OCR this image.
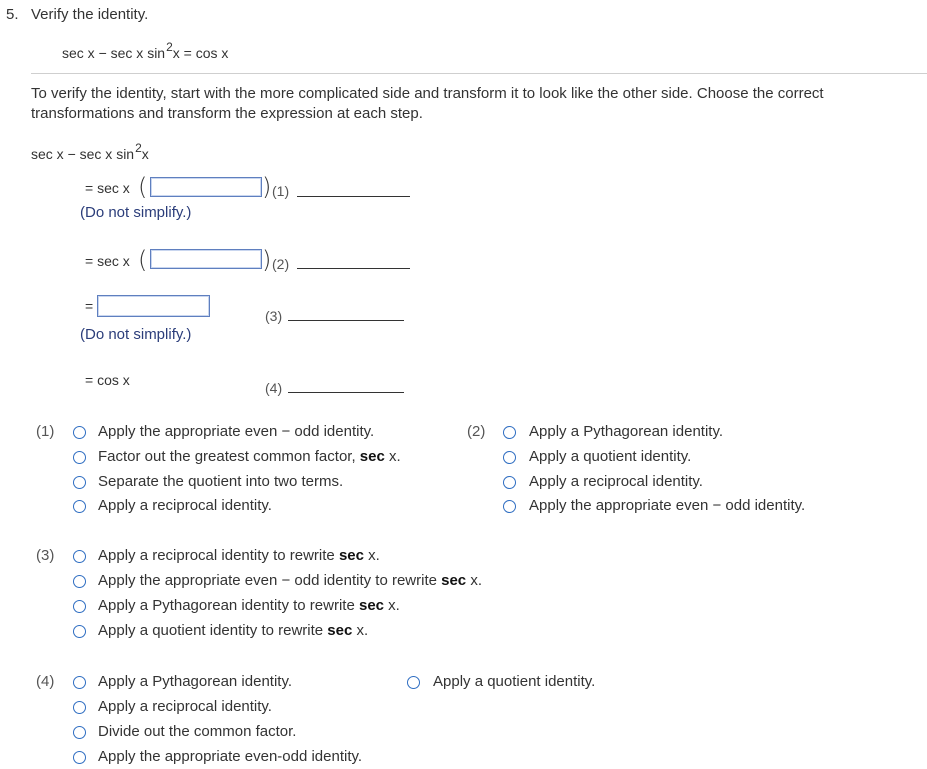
5. Verify the identity.
sec x − sec x sin2x = cos x
To verify the identity, start with the more complicated side and transform it to look like the other side. Choose the correct
transformations and transform the expression at each step.
sec x − sec x sin2x
= sec x (	) (1)
(Do not simplify.)
= sec x (	) (2)
=
(3)
(Do not simplify.)
= cos x	(4)
(1)	Apply the appropriate even − odd identity.
Factor out the greatest common factor, sec x.
Separate the quotient into two terms.
Apply a reciprocal identity.
(2)	Apply a Pythagorean identity.
Apply a quotient identity.
Apply a reciprocal identity.
Apply the appropriate even − odd identity.
(3)	Apply a reciprocal identity to rewrite sec x.
Apply the appropriate even − odd identity to rewrite sec x.
Apply a Pythagorean identity to rewrite sec x.
Apply a quotient identity to rewrite sec x.
(4)	Apply a Pythagorean identity.
Apply a reciprocal identity.
Divide out the common factor.
Apply the appropriate even-odd identity.
Apply a quotient identity.
